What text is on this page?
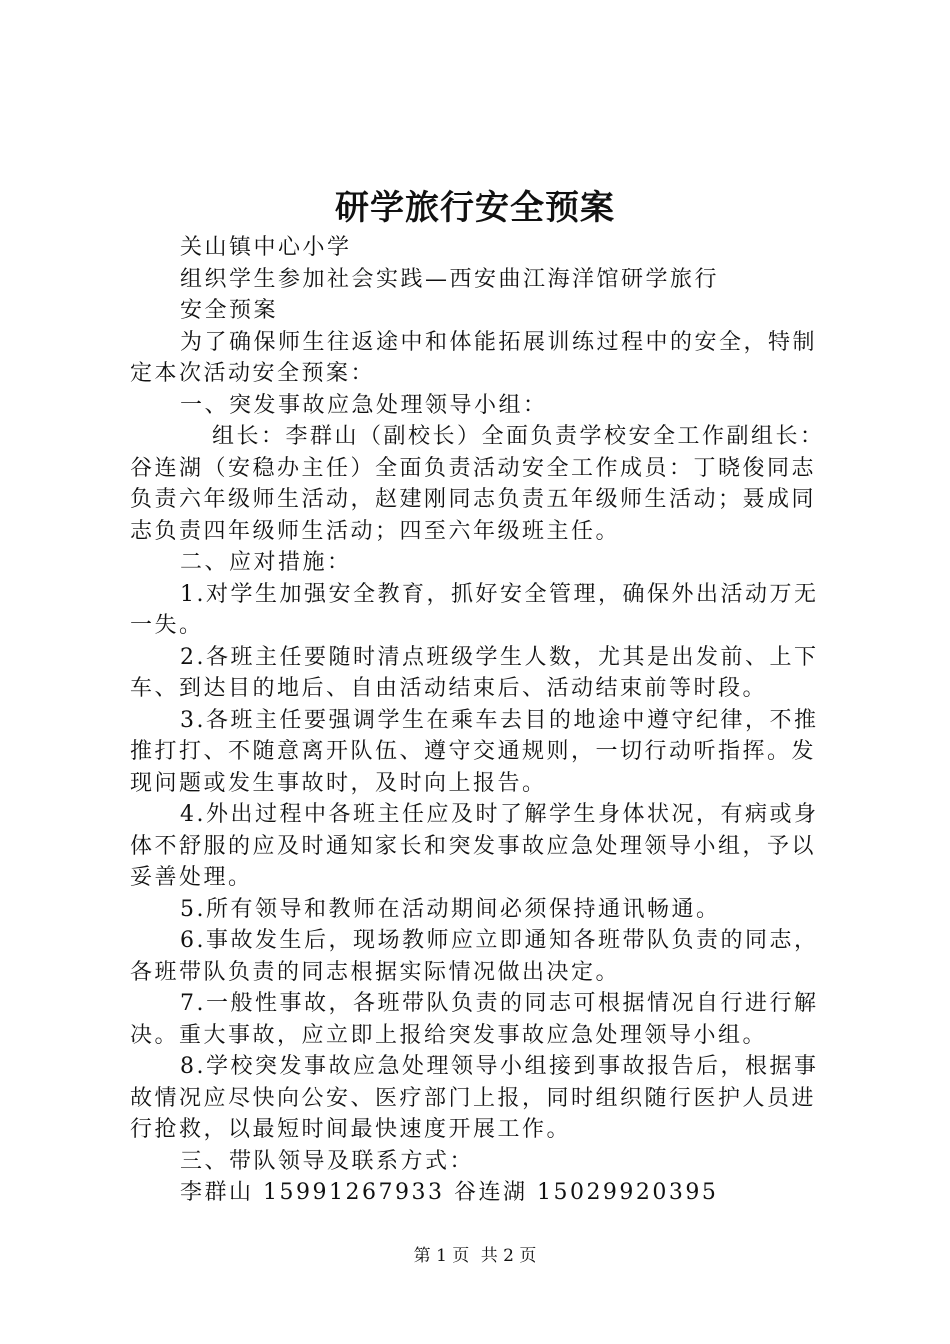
研学旅行安全预案

关山镇中心小学

组织学生参加社会实践—西安曲江海洋馆研学旅行

安全预案

为了确保师生往返途中和体能拓展训练过程中的安全，特制定本次活动安全预案：

一、突发事故应急处理领导小组：

组长：李群山（副校长）全面负责学校安全工作副组长：谷连湖（安稳办主任）全面负责活动安全工作成员：丁晓俊同志负责六年级师生活动，赵建刚同志负责五年级师生活动；聂成同志负责四年级师生活动；四至六年级班主任。

二、应对措施：

1.对学生加强安全教育，抓好安全管理，确保外出活动万无一失。

2.各班主任要随时清点班级学生人数，尤其是出发前、上下车、到达目的地后、自由活动结束后、活动结束前等时段。

3.各班主任要强调学生在乘车去目的地途中遵守纪律，不推推打打、不随意离开队伍、遵守交通规则，一切行动听指挥。发现问题或发生事故时，及时向上报告。

4.外出过程中各班主任应及时了解学生身体状况，有病或身体不舒服的应及时通知家长和突发事故应急处理领导小组，予以妥善处理。

5.所有领导和教师在活动期间必须保持通讯畅通。

6.事故发生后，现场教师应立即通知各班带队负责的同志，各班带队负责的同志根据实际情况做出决定。

7.一般性事故，各班带队负责的同志可根据情况自行进行解决。重大事故，应立即上报给突发事故应急处理领导小组。

8.学校突发事故应急处理领导小组接到事故报告后，根据事故情况应尽快向公安、医疗部门上报，同时组织随行医护人员进行抢救，以最短时间最快速度开展工作。

三、带队领导及联系方式：

李群山 15991267933 谷连湖 15029920395

第 1 页 共 2 页
